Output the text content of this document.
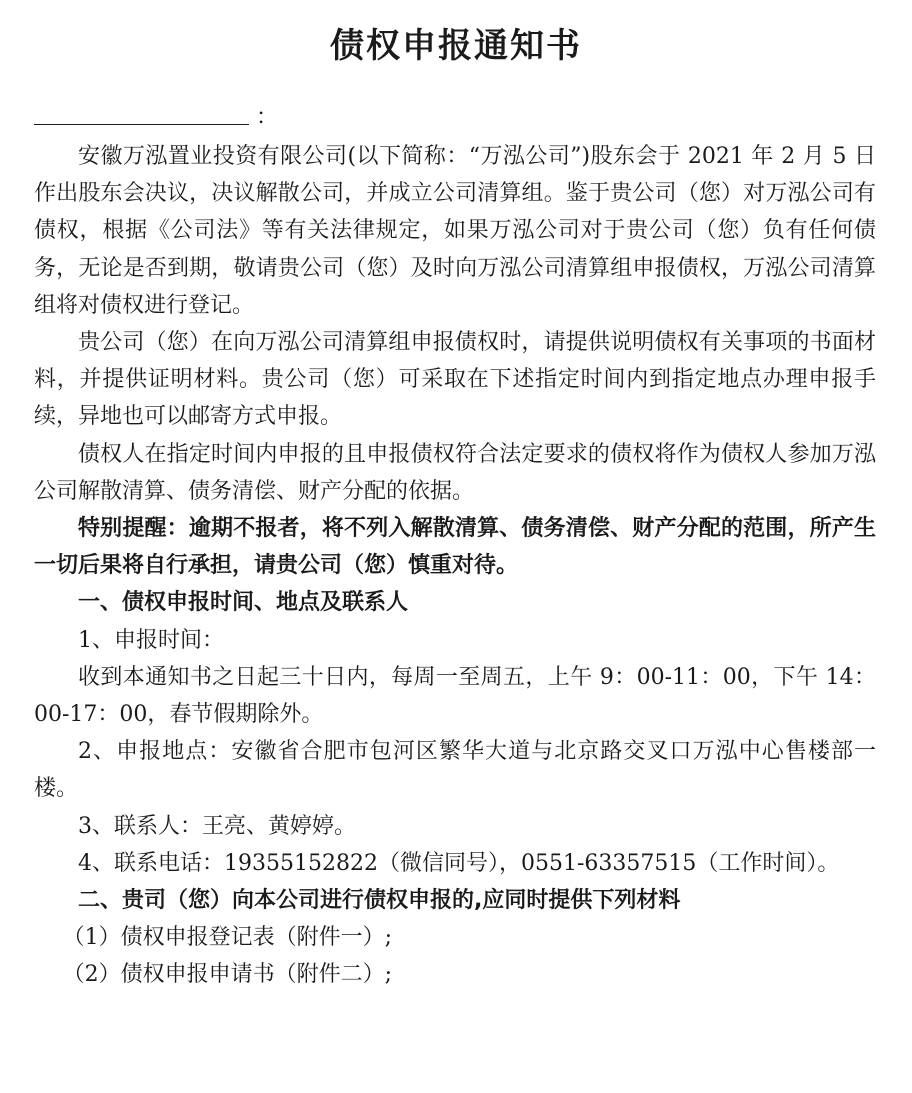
债权申报通知书
：

安徽万泓置业投资有限公司(以下简称：“万泓公司”)股东会于 2021 年 2 月 5 日作出股东会决议，决议解散公司，并成立公司清算组。鉴于贵公司（您）对万泓公司有债权，根据《公司法》等有关法律规定，如果万泓公司对于贵公司（您）负有任何债务，无论是否到期，敬请贵公司（您）及时向万泓公司清算组申报债权，万泓公司清算组将对债权进行登记。

贵公司（您）在向万泓公司清算组申报债权时，请提供说明债权有关事项的书面材料，并提供证明材料。贵公司（您）可采取在下述指定时间内到指定地点办理申报手续，异地也可以邮寄方式申报。

债权人在指定时间内申报的且申报债权符合法定要求的债权将作为债权人参加万泓公司解散清算、债务清偿、财产分配的依据。

特别提醒：逾期不报者，将不列入解散清算、债务清偿、财产分配的范围，所产生一切后果将自行承担，请贵公司（您）慎重对待。

一、债权申报时间、地点及联系人

1、申报时间：

收到本通知书之日起三十日内，每周一至周五，上午 9：00-11：00，下午 14：00-17：00，春节假期除外。

2、申报地点：安徽省合肥市包河区繁华大道与北京路交叉口万泓中心售楼部一楼。

3、联系人：王亮、黄婷婷。

4、联系电话：19355152822（微信同号），0551-63357515（工作时间）。

二、贵司（您）向本公司进行债权申报的,应同时提供下列材料

（1）债权申报登记表（附件一）;

（2）债权申报申请书（附件二）;
